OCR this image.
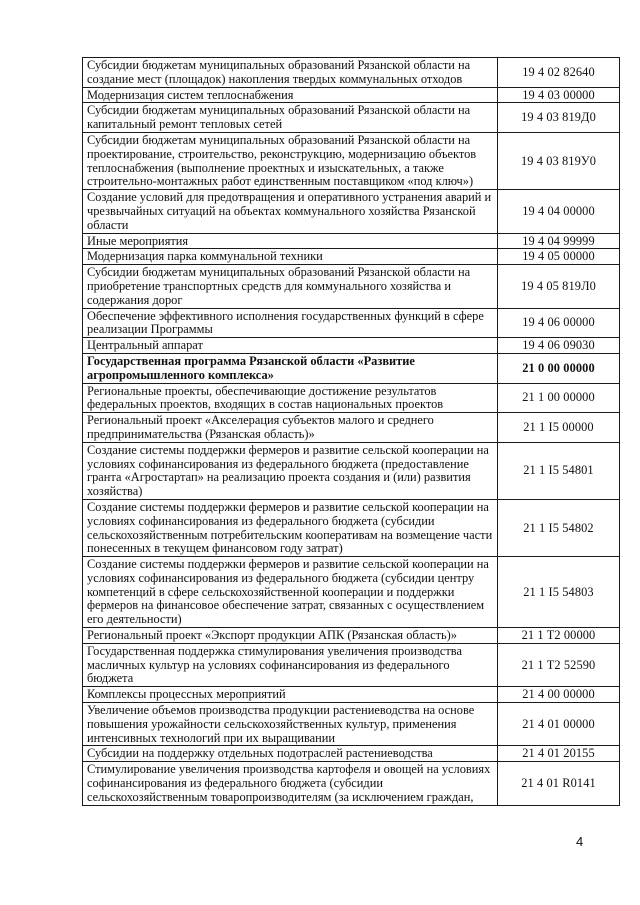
Субсидии бюджетам муниципальных образований Рязанской области на создание мест (площадок) накопления твердых коммунальных отходов	19 4 02 82640
Модернизация систем теплоснабжения	19 4 03 00000
Субсидии бюджетам муниципальных образований Рязанской области на капитальный ремонт тепловых сетей	19 4 03 819Д0
Субсидии бюджетам муниципальных образований Рязанской области на проектирование, строительство, реконструкцию, модернизацию объектов теплоснабжения (выполнение проектных и изыскательных, а также строительно-монтажных работ единственным поставщиком «под ключ»)	19 4 03 819У0
Создание условий для предотвращения и оперативного устранения аварий и чрезвычайных ситуаций на объектах коммунального хозяйства Рязанской области	19 4 04 00000
Иные мероприятия	19 4 04 99999
Модернизация парка коммунальной техники	19 4 05 00000
Субсидии бюджетам муниципальных образований Рязанской области на приобретение транспортных средств для коммунального хозяйства и содержания дорог	19 4 05 819Л0
Обеспечение эффективного исполнения государственных функций в сфере реализации Программы	19 4 06 00000
Центральный аппарат	19 4 06 09030
Государственная программа Рязанской области «Развитие агропромышленного комплекса»	21 0 00 00000
Региональные проекты, обеспечивающие достижение результатов федеральных проектов, входящих в состав национальных проектов	21 1 00 00000
Региональный проект «Акселерация субъектов малого и среднего предпринимательства (Рязанская область)»	21 1 I5 00000
Создание системы поддержки фермеров и развитие сельской кооперации на условиях софинансирования из федерального бюджета (предоставление гранта «Агростартап» на реализацию проекта создания и (или) развития хозяйства)	21 1 I5 54801
Создание системы поддержки фермеров и развитие сельской кооперации на условиях софинансирования из федерального бюджета (субсидии сельскохозяйственным потребительским кооперативам на возмещение части понесенных в текущем финансовом году затрат)	21 1 I5 54802
Создание системы поддержки фермеров и развитие сельской кооперации на условиях софинансирования из федерального бюджета (субсидии центру компетенций в сфере сельскохозяйственной кооперации и поддержки фермеров на финансовое обеспечение затрат, связанных с осуществлением его деятельности)	21 1 I5 54803
Региональный проект «Экспорт продукции АПК (Рязанская область)»	21 1 T2 00000
Государственная поддержка стимулирования увеличения производства масличных культур на условиях софинансирования из федерального бюджета	21 1 T2 52590
Комплексы процессных мероприятий	21 4 00 00000
Увеличение объемов производства продукции растениеводства на основе повышения урожайности сельскохозяйственных культур, применения интенсивных технологий при их выращивании	21 4 01 00000
Субсидии на поддержку отдельных подотраслей растениеводства	21 4 01 20155
Стимулирование увеличения производства картофеля и овощей на условиях софинансирования из федерального бюджета (субсидии сельскохозяйственным товаропроизводителям (за исключением граждан,	21 4 01 R0141
4
